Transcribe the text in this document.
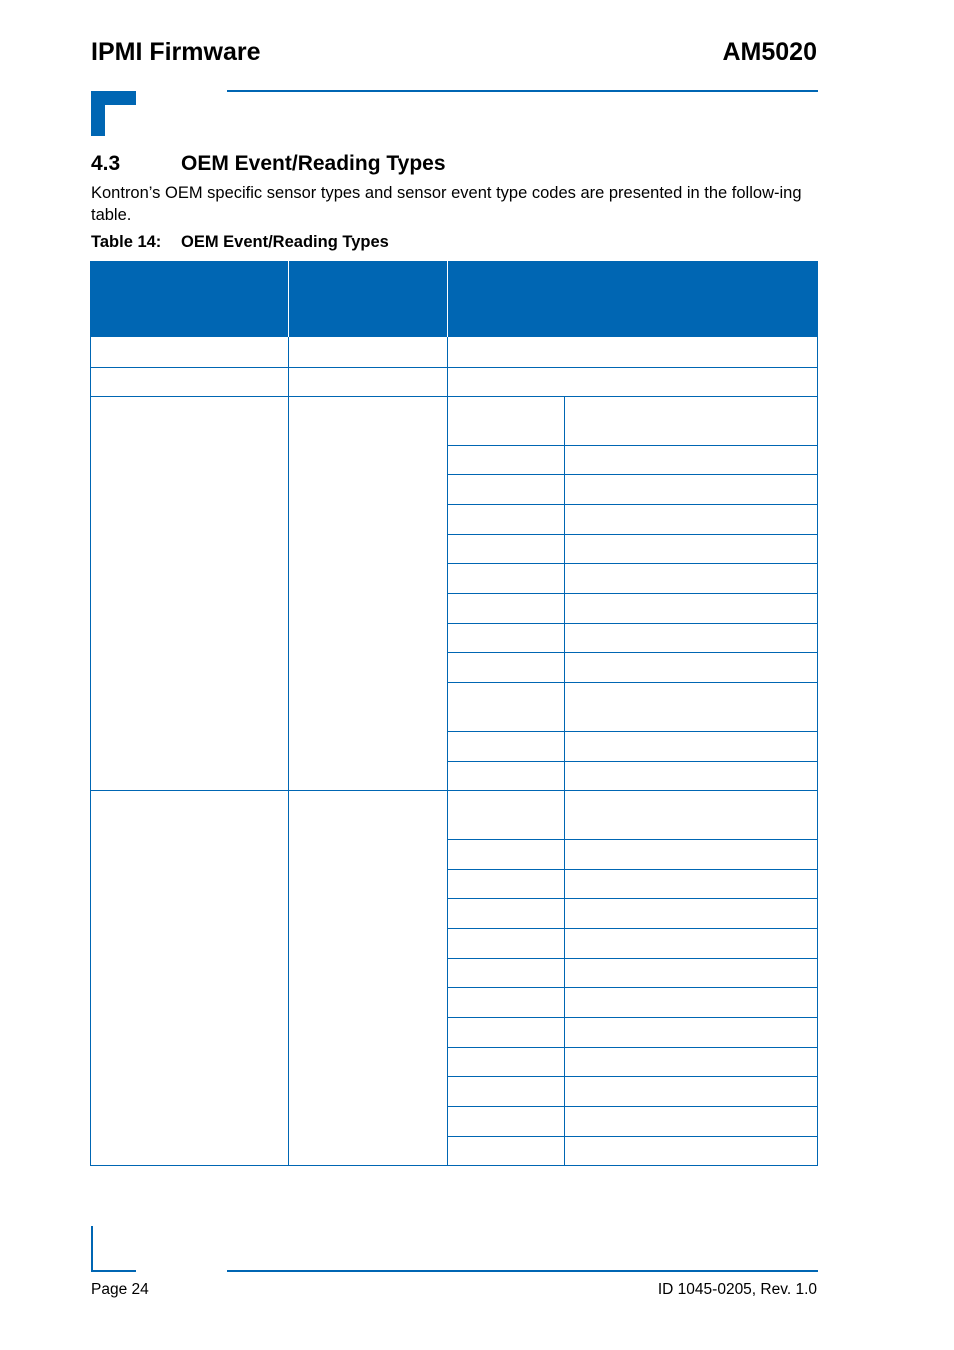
IPMI Firmware	AM5020
4.3	OEM Event/Reading Types
Kontron’s OEM specific sensor types and sensor event type codes are presented in the follow-ing table.
Table 14: OEM Event/Reading Types
Page 24	ID 1045-0205, Rev. 1.0
